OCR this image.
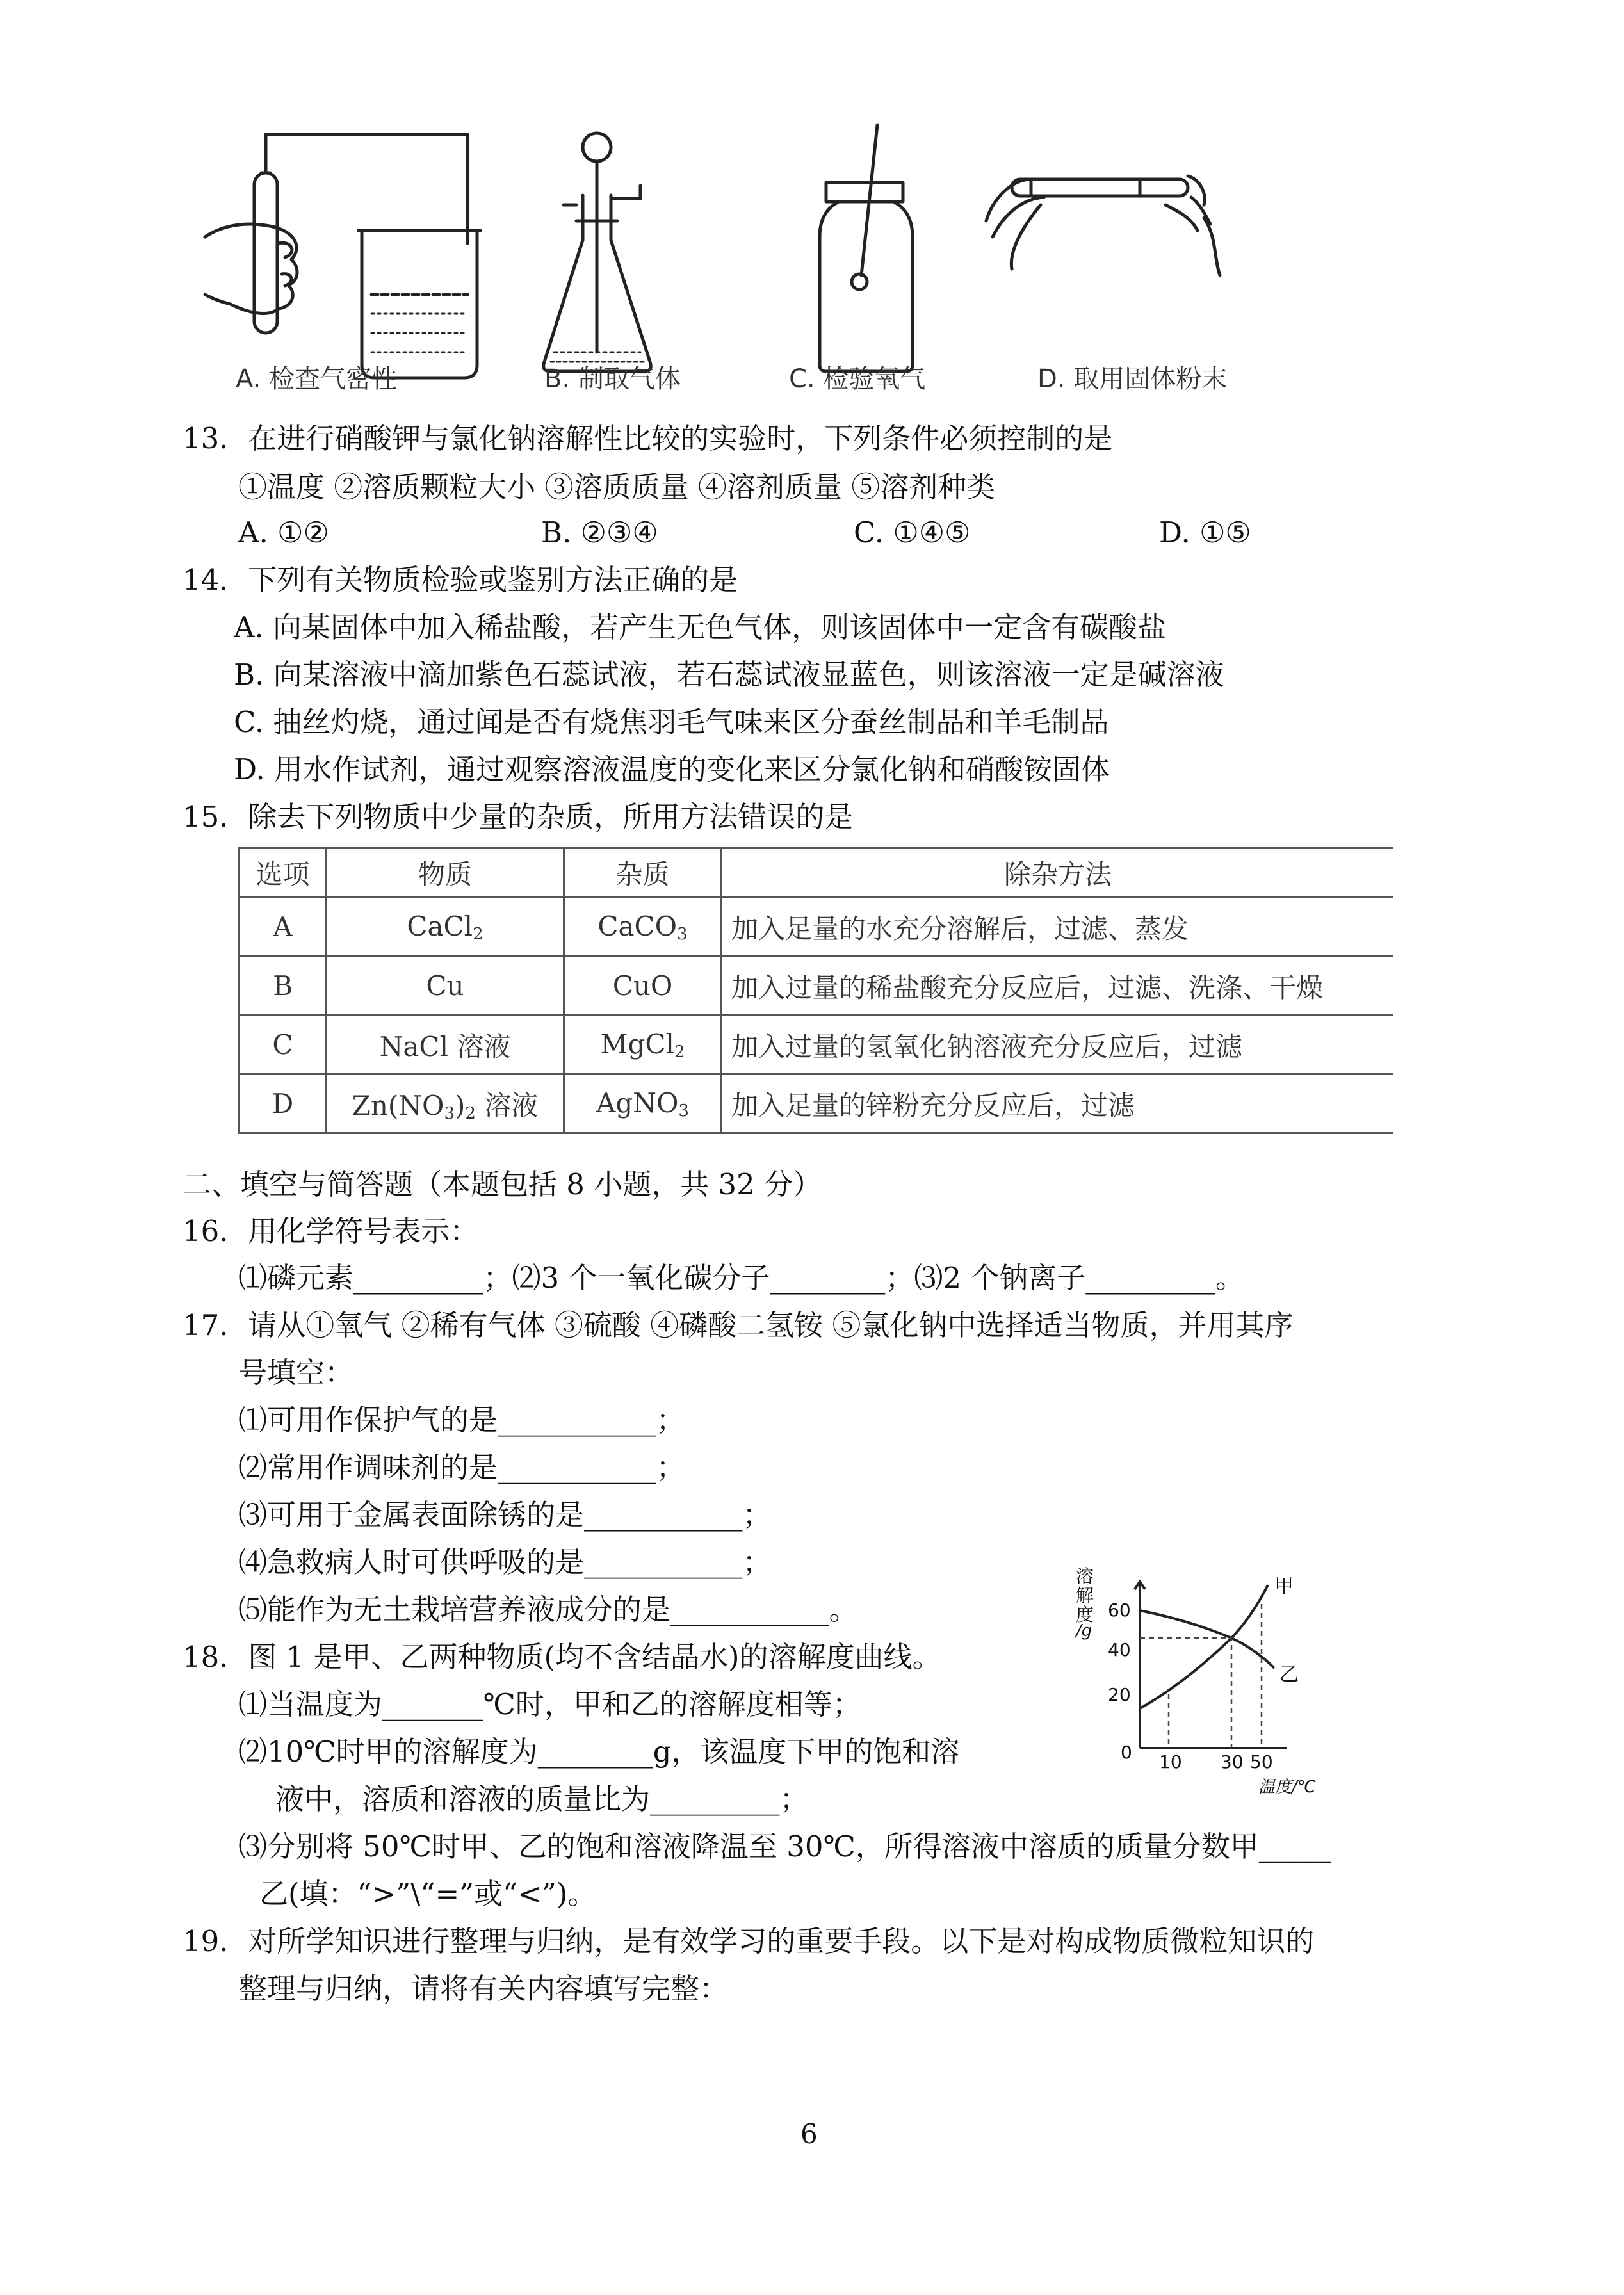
A. 检查气密性	B. 制取气体	C. 检验氧气	D. 取用固体粉末
13．在进行硝酸钾与氯化钠溶解性比较的实验时，下列条件必须控制的是
①温度 ②溶质颗粒大小 ③溶质质量 ④溶剂质量 ⑤溶剂种类
A. ①②	B. ②③④	C. ①④⑤	D. ①⑤
14．下列有关物质检验或鉴别方法正确的是
A. 向某固体中加入稀盐酸，若产生无色气体，则该固体中一定含有碳酸盐
B. 向某溶液中滴加紫色石蕊试液，若石蕊试液显蓝色，则该溶液一定是碱溶液
C. 抽丝灼烧，通过闻是否有烧焦羽毛气味来区分蚕丝制品和羊毛制品
D. 用水作试剂，通过观察溶液温度的变化来区分氯化钠和硝酸铵固体
15．除去下列物质中少量的杂质，所用方法错误的是
选项	物质	杂质	除杂方法
A	CaCl$_2$	CaCO$_3$	加入足量的水充分溶解后，过滤、蒸发
B	Cu	CuO	加入过量的稀盐酸充分反应后，过滤、洗涤、干燥
C	NaCl 溶液	MgCl$_2$	加入过量的氢氧化钠溶液充分反应后，过滤
D	$Zn(NO_3)_2$ 溶液	AgNO$_3$	加入足量的锌粉充分反应后，过滤
二、填空与简答题（本题包括 8 小题，共 32 分）
16．用化学符号表示：
⑴磷元素_________；⑵3 个一氧化碳分子________；⑶2 个钠离子_________。
17．请从①氧气 ②稀有气体 ③硫酸 ④磷酸二氢铵 ⑤氯化钠中选择适当物质，并用其序
号填空：
⑴可用作保护气的是___________；
⑵常用作调味剂的是___________；
⑶可用于金属表面除锈的是___________；
⑷急救病人时可供呼吸的是___________；
⑸能作为无土栽培营养液成分的是___________。
溶
解
度
/g
60
40
20
0 10 30 50
温度/℃
甲
乙
18．图 1 是甲、乙两种物质(均不含结晶水)的溶解度曲线。
⑴当温度为_______℃时，甲和乙的溶解度相等；
⑵10℃时甲的溶解度为________g，该温度下甲的饱和溶
液中，溶质和溶液的质量比为_________；
⑶分别将 50℃时甲、乙的饱和溶液降温至 30℃，所得溶液中溶质的质量分数甲_____
乙(填：“>”\“=”或“<”)。
19．对所学知识进行整理与归纳，是有效学习的重要手段。以下是对构成物质微粒知识的
整理与归纳，请将有关内容填写完整：
6
